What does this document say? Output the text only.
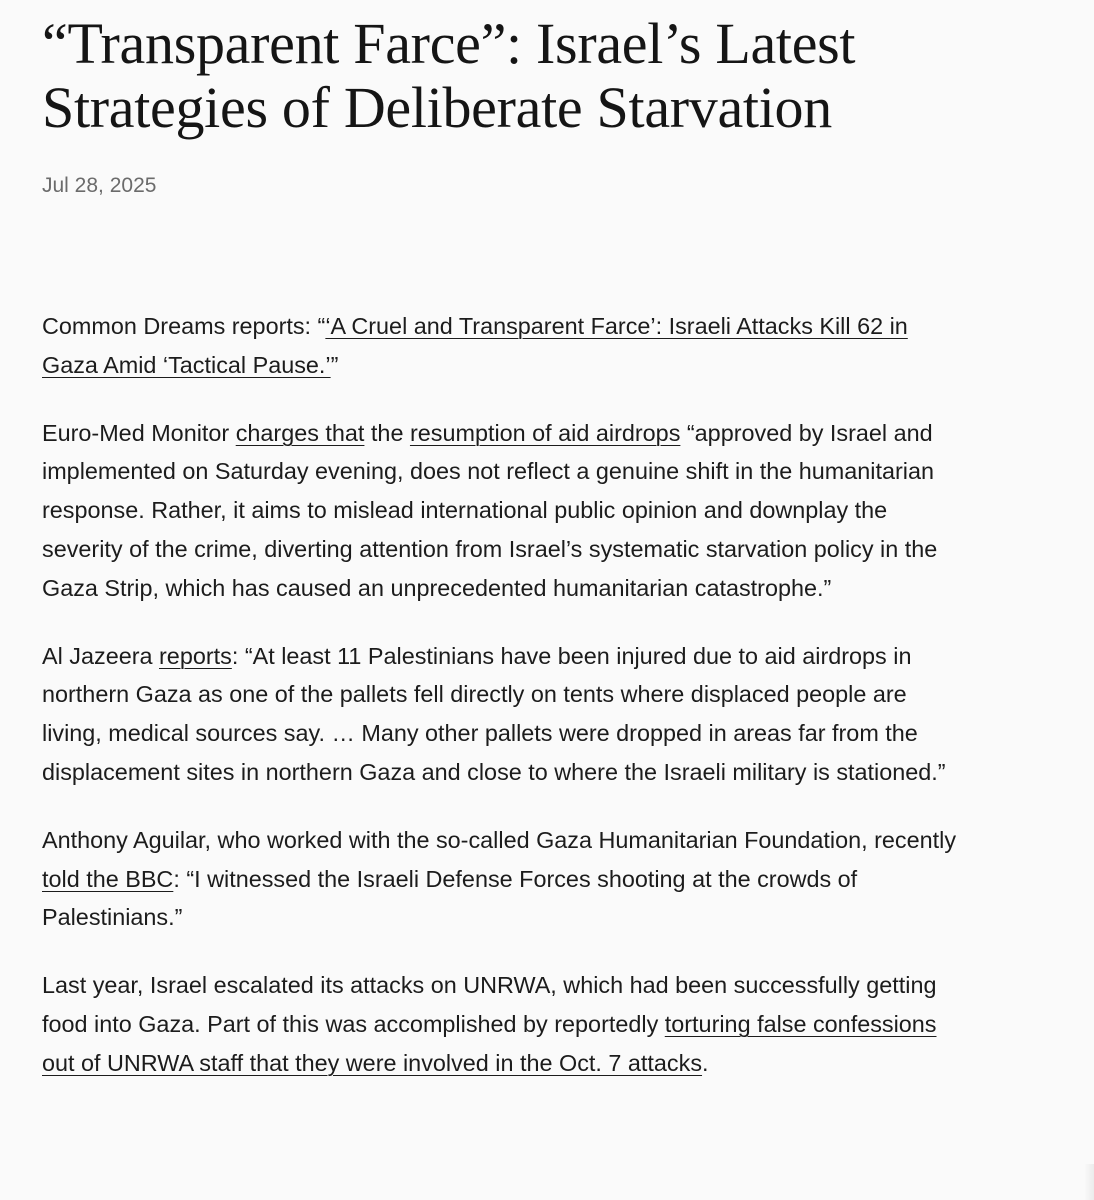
“Transparent Farce”: Israel’s Latest Strategies of Deliberate Starvation
Jul 28, 2025

Common Dreams reports: “‘A Cruel and Transparent Farce’: Israeli Attacks Kill 62 in Gaza Amid ‘Tactical Pause.’”

Euro-Med Monitor charges that the resumption of aid airdrops “approved by Israel and implemented on Saturday evening, does not reflect a genuine shift in the humanitarian response. Rather, it aims to mislead international public opinion and downplay the severity of the crime, diverting attention from Israel’s systematic starvation policy in the Gaza Strip, which has caused an unprecedented humanitarian catastrophe.”

Al Jazeera reports: “At least 11 Palestinians have been injured due to aid airdrops in northern Gaza as one of the pallets fell directly on tents where displaced people are living, medical sources say. … Many other pallets were dropped in areas far from the displacement sites in northern Gaza and close to where the Israeli military is stationed.”

Anthony Aguilar, who worked with the so-called Gaza Humanitarian Foundation, recently told the BBC: “I witnessed the Israeli Defense Forces shooting at the crowds of Palestinians.”

Last year, Israel escalated its attacks on UNRWA, which had been successfully getting food into Gaza. Part of this was accomplished by reportedly torturing false confessions out of UNRWA staff that they were involved in the Oct. 7 attacks.
